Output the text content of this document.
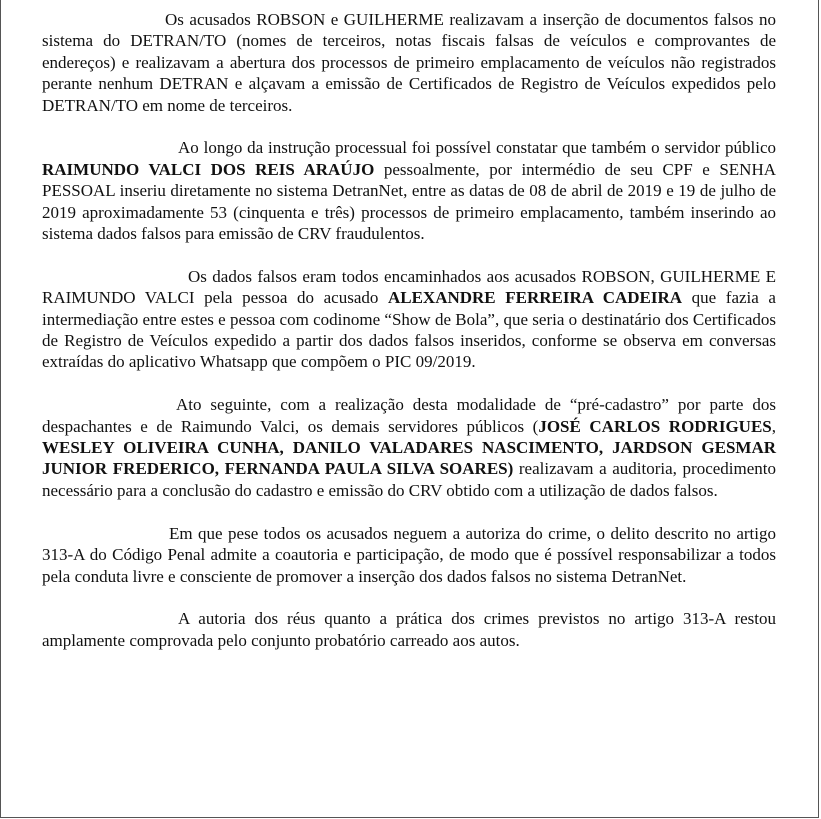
Os acusados ROBSON e GUILHERME realizavam a inserção de documentos falsos no sistema do DETRAN/TO (nomes de terceiros, notas fiscais falsas de veículos e comprovantes de endereços) e realizavam a abertura dos processos de primeiro emplacamento de veículos não registrados perante nenhum DETRAN e alçavam a emissão de Certificados de Registro de Veículos expedidos pelo DETRAN/TO em nome de terceiros.

Ao longo da instrução processual foi possível constatar que também o servidor público RAIMUNDO VALCI DOS REIS ARAÚJO pessoalmente, por intermédio de seu CPF e SENHA PESSOAL inseriu diretamente no sistema DetranNet, entre as datas de 08 de abril de 2019 e 19 de julho de 2019 aproximadamente 53 (cinquenta e três) processos de primeiro emplacamento, também inserindo ao sistema dados falsos para emissão de CRV fraudulentos.

Os dados falsos eram todos encaminhados aos acusados ROBSON, GUILHERME E RAIMUNDO VALCI pela pessoa do acusado ALEXANDRE FERREIRA CADEIRA que fazia a intermediação entre estes e pessoa com codinome “Show de Bola”, que seria o destinatário dos Certificados de Registro de Veículos expedido a partir dos dados falsos inseridos, conforme se observa em conversas extraídas do aplicativo Whatsapp que compõem o PIC 09/2019.

Ato seguinte, com a realização desta modalidade de “pré-cadastro” por parte dos despachantes e de Raimundo Valci, os demais servidores públicos (JOSÉ CARLOS RODRIGUES, WESLEY OLIVEIRA CUNHA, DANILO VALADARES NASCIMENTO, JARDSON GESMAR JUNIOR FREDERICO, FERNANDA PAULA SILVA SOARES) realizavam a auditoria, procedimento necessário para a conclusão do cadastro e emissão do CRV obtido com a utilização de dados falsos.

Em que pese todos os acusados neguem a autoriza do crime, o delito descrito no artigo 313-A do Código Penal admite a coautoria e participação, de modo que é possível responsabilizar a todos pela conduta livre e consciente de promover a inserção dos dados falsos no sistema DetranNet.

A autoria dos réus quanto a prática dos crimes previstos no artigo 313-A restou amplamente comprovada pelo conjunto probatório carreado aos autos.
